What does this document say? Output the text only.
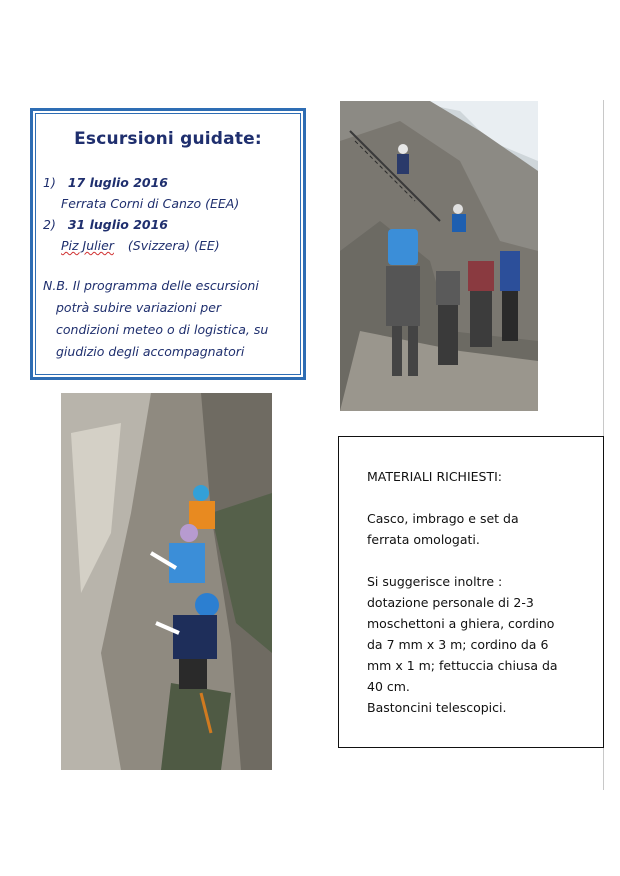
Escursioni guidate:
1) 17 luglio 2016
Ferrata Corni di Canzo (EEA)
2) 31 luglio 2016
Piz Julier (Svizzera) (EE)
N.B. Il programma delle escursioni
potrà subire variazioni per
condizioni meteo o di logistica, su
giudizio degli accompagnatori
MATERIALI RICHIESTI:
Casco, imbrago e set da
ferrata omologati.
Si suggerisce inoltre :
dotazione personale di 2-3
moschettoni a ghiera, cordino
da 7 mm x 3 m; cordino da 6
mm x 1 m; fettuccia chiusa da
40 cm.
Bastoncini telescopici.
